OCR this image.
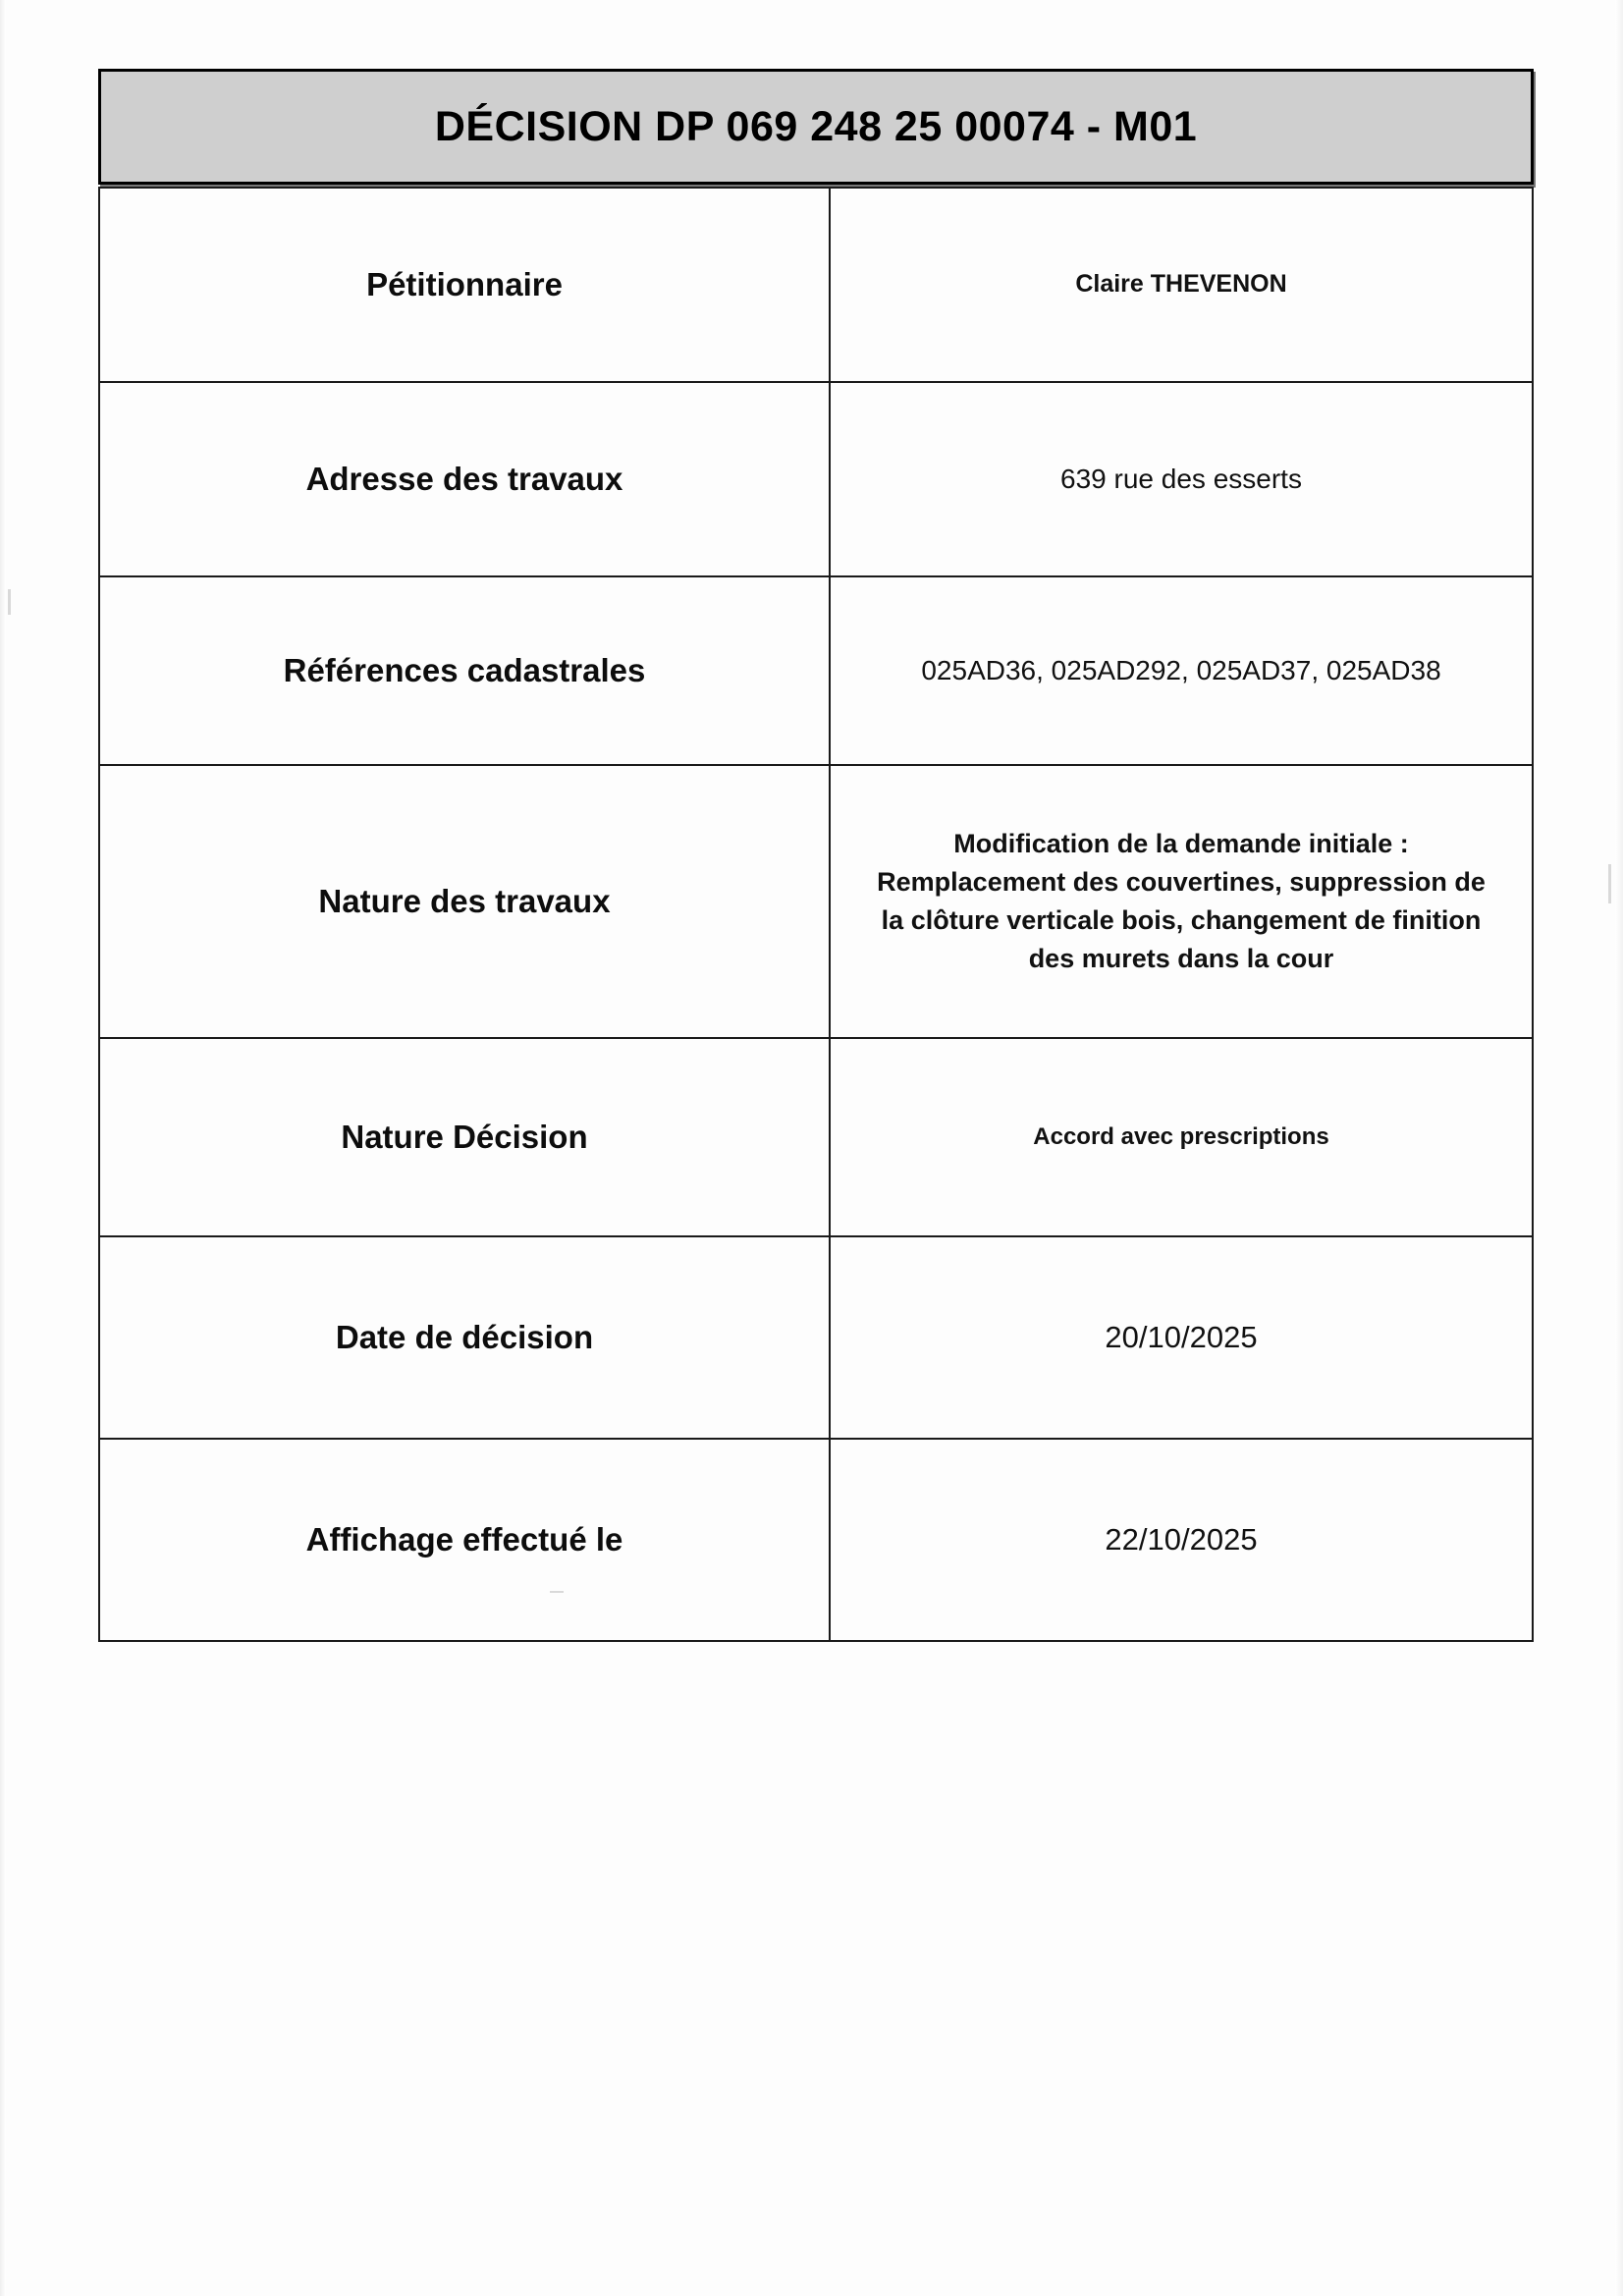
DÉCISION DP 069 248 25 00074 - M01
Pétitionnaire	Claire THEVENON
Adresse des travaux	639 rue des esserts
Références cadastrales	025AD36, 025AD292, 025AD37, 025AD38
Nature des travaux	Modification de la demande initiale : Remplacement des couvertines, suppression de la clôture verticale bois, changement de finition des murets dans la cour
Nature Décision	Accord avec prescriptions
Date de décision	20/10/2025
Affichage effectué le	22/10/2025
